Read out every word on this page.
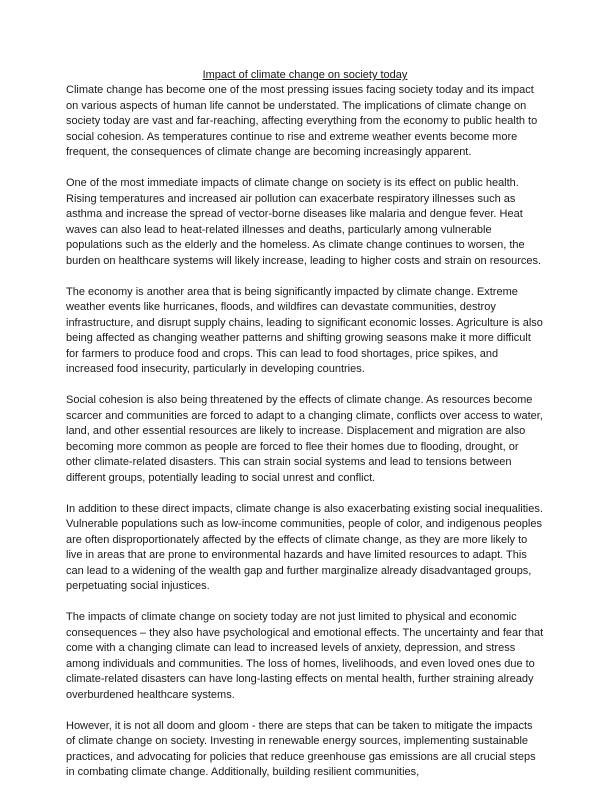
Impact of climate change on society today

Climate change has become one of the most pressing issues facing society today and its impact on various aspects of human life cannot be understated. The implications of climate change on society today are vast and far-reaching, affecting everything from the economy to public health to social cohesion. As temperatures continue to rise and extreme weather events become more frequent, the consequences of climate change are becoming increasingly apparent.

One of the most immediate impacts of climate change on society is its effect on public health. Rising temperatures and increased air pollution can exacerbate respiratory illnesses such as asthma and increase the spread of vector-borne diseases like malaria and dengue fever. Heat waves can also lead to heat-related illnesses and deaths, particularly among vulnerable populations such as the elderly and the homeless. As climate change continues to worsen, the burden on healthcare systems will likely increase, leading to higher costs and strain on resources.

The economy is another area that is being significantly impacted by climate change. Extreme weather events like hurricanes, floods, and wildfires can devastate communities, destroy infrastructure, and disrupt supply chains, leading to significant economic losses. Agriculture is also being affected as changing weather patterns and shifting growing seasons make it more difficult for farmers to produce food and crops. This can lead to food shortages, price spikes, and increased food insecurity, particularly in developing countries.

Social cohesion is also being threatened by the effects of climate change. As resources become scarcer and communities are forced to adapt to a changing climate, conflicts over access to water, land, and other essential resources are likely to increase. Displacement and migration are also becoming more common as people are forced to flee their homes due to flooding, drought, or other climate-related disasters. This can strain social systems and lead to tensions between different groups, potentially leading to social unrest and conflict.

In addition to these direct impacts, climate change is also exacerbating existing social inequalities. Vulnerable populations such as low-income communities, people of color, and indigenous peoples are often disproportionately affected by the effects of climate change, as they are more likely to live in areas that are prone to environmental hazards and have limited resources to adapt. This can lead to a widening of the wealth gap and further marginalize already disadvantaged groups, perpetuating social injustices.

The impacts of climate change on society today are not just limited to physical and economic consequences – they also have psychological and emotional effects. The uncertainty and fear that come with a changing climate can lead to increased levels of anxiety, depression, and stress among individuals and communities. The loss of homes, livelihoods, and even loved ones due to climate-related disasters can have long-lasting effects on mental health, further straining already overburdened healthcare systems.

However, it is not all doom and gloom - there are steps that can be taken to mitigate the impacts of climate change on society. Investing in renewable energy sources, implementing sustainable practices, and advocating for policies that reduce greenhouse gas emissions are all crucial steps in combating climate change. Additionally, building resilient communities,
